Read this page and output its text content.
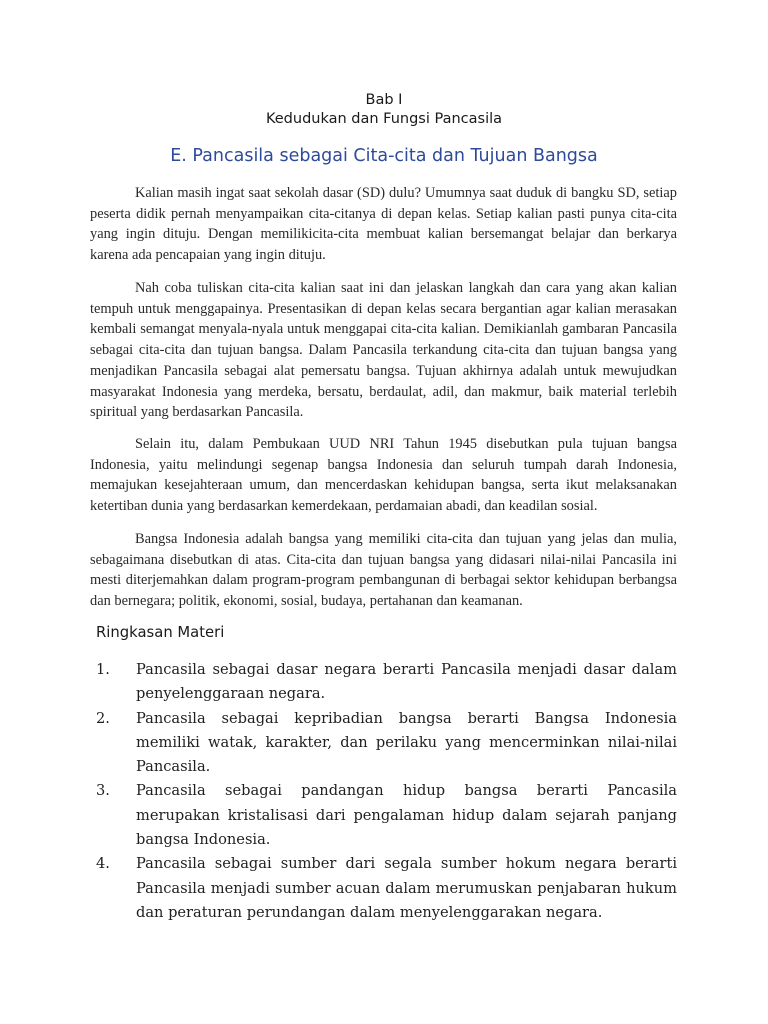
Bab I
Kedudukan dan Fungsi Pancasila
E. Pancasila sebagai Cita-cita dan Tujuan Bangsa

Kalian masih ingat saat sekolah dasar (SD) dulu? Umumnya saat duduk di bangku SD, setiap peserta didik pernah menyampaikan cita-citanya di depan kelas. Setiap kalian pasti punya cita-cita yang ingin dituju. Dengan memilikicita-cita membuat kalian bersemangat belajar dan berkarya karena ada pencapaian yang ingin dituju.

Nah coba tuliskan cita-cita kalian saat ini dan jelaskan langkah dan cara yang akan kalian tempuh untuk menggapainya. Presentasikan di depan kelas secara bergantian agar kalian merasakan kembali semangat menyala-nyala untuk menggapai cita-cita kalian. Demikianlah gambaran Pancasila sebagai cita-cita dan tujuan bangsa. Dalam Pancasila terkandung cita-cita dan tujuan bangsa yang menjadikan Pancasila sebagai alat pemersatu bangsa. Tujuan akhirnya adalah untuk mewujudkan masyarakat Indonesia yang merdeka, bersatu, berdaulat, adil, dan makmur, baik material terlebih spiritual yang berdasarkan Pancasila.

Selain itu, dalam Pembukaan UUD NRI Tahun 1945 disebutkan pula tujuan bangsa Indonesia, yaitu melindungi segenap bangsa Indonesia dan seluruh tumpah darah Indonesia, memajukan kesejahteraan umum, dan mencerdaskan kehidupan bangsa, serta ikut melaksanakan ketertiban dunia yang berdasarkan kemerdekaan, perdamaian abadi, dan keadilan sosial.

Bangsa Indonesia adalah bangsa yang memiliki cita-cita dan tujuan yang jelas dan mulia, sebagaimana disebutkan di atas. Cita-cita dan tujuan bangsa yang didasari nilai-nilai Pancasila ini mesti diterjemahkan dalam program-program pembangunan di berbagai sektor kehidupan berbangsa dan bernegara; politik, ekonomi, sosial, budaya, pertahanan dan keamanan.

Ringkasan Materi
1. Pancasila sebagai dasar negara berarti Pancasila menjadi dasar dalam penyelenggaraan negara.
2. Pancasila sebagai kepribadian bangsa berarti Bangsa Indonesia memiliki watak, karakter, dan perilaku yang mencerminkan nilai-nilai Pancasila.
3. Pancasila sebagai pandangan hidup bangsa berarti Pancasila merupakan kristalisasi dari pengalaman hidup dalam sejarah panjang bangsa Indonesia.
4. Pancasila sebagai sumber dari segala sumber hokum negara berarti Pancasila menjadi sumber acuan dalam merumuskan penjabaran hukum dan peraturan perundangan dalam menyelenggarakan negara.
